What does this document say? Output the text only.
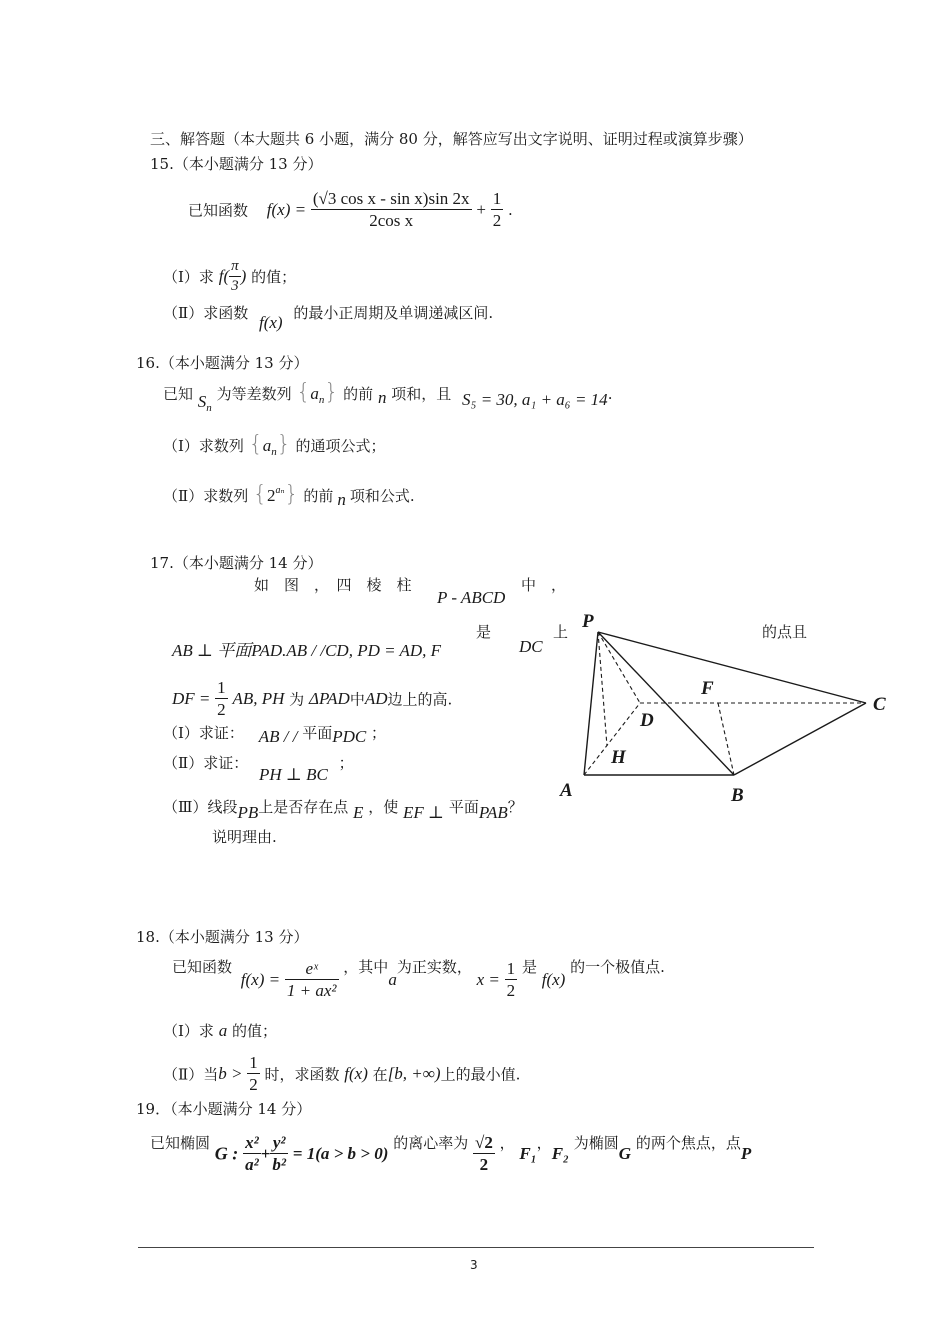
三、解答题（本大题共 6 小题，满分 80 分，解答应写出文字说明、证明过程或演算步骤）
15.（本小题满分 13 分）
已知函数 $f(x) = \frac{\text{(√3 cos x - sin x)sin 2x}}{\text{2cos x}} + \frac{1}{2}$ .
（Ⅰ）求 $f( \frac{\pi}{3}$ ) 的值；
（Ⅱ）求函数 f(x) 的最小正周期及单调递减区间.
16.（本小题满分 13 分）
已知 $S_n$ 为等差数列 $\{a_n\}$ 的前 n 项和，且 S₅ = 30, a₁ + a₆ = 14.
（Ⅰ）求数列 $\{a_n\}$ 的通项公式；
（Ⅱ）求数列 $\{2^{a_n}\}$ 的前 n 项和公式.
17.（本小题满分 14 分）
如　图　，　四　棱　柱
P - ABCD
中　，
AB ⊥ 平面PAD.AB / /CD, PD = AD, F
是
DC
上	的点且
DF = $\frac{1}{2}$ AB, PH 为 ΔPAD中AD边上的高.
（Ⅰ）求证： AB / / 平面PDC ；
（Ⅱ）求证： PH ⊥ BC ；
（Ⅲ）线段PB上是否存在点 E ，使 EF ⊥ 平面PAB？
说明理由.
P
D
F
C
H
A	B
18.（本小题满分 13 分）
已知函数 $f(x) = \frac{\text{eˣ}}{\text{1 + ax²}}$ ，其中a为正实数， $x = \frac{1}{2}$ 是 f(x) 的一个极值点.
（Ⅰ）求 a 的值；
（Ⅱ）当$b > \frac{1}{2}$ 时，求函数 f(x) 在[b, +∞)上的最小值.
19．（本小题满分 14 分）
已知椭圆 G : $\frac{\text{x²}}{\text{a²}} + \frac{\text{y²}}{\text{b²}} = 1(a > b > 0)$ 的离心率为 $\frac{√2}{2}$ ， F₁，F₂ 为椭圆G 的两个焦点，点P
3
